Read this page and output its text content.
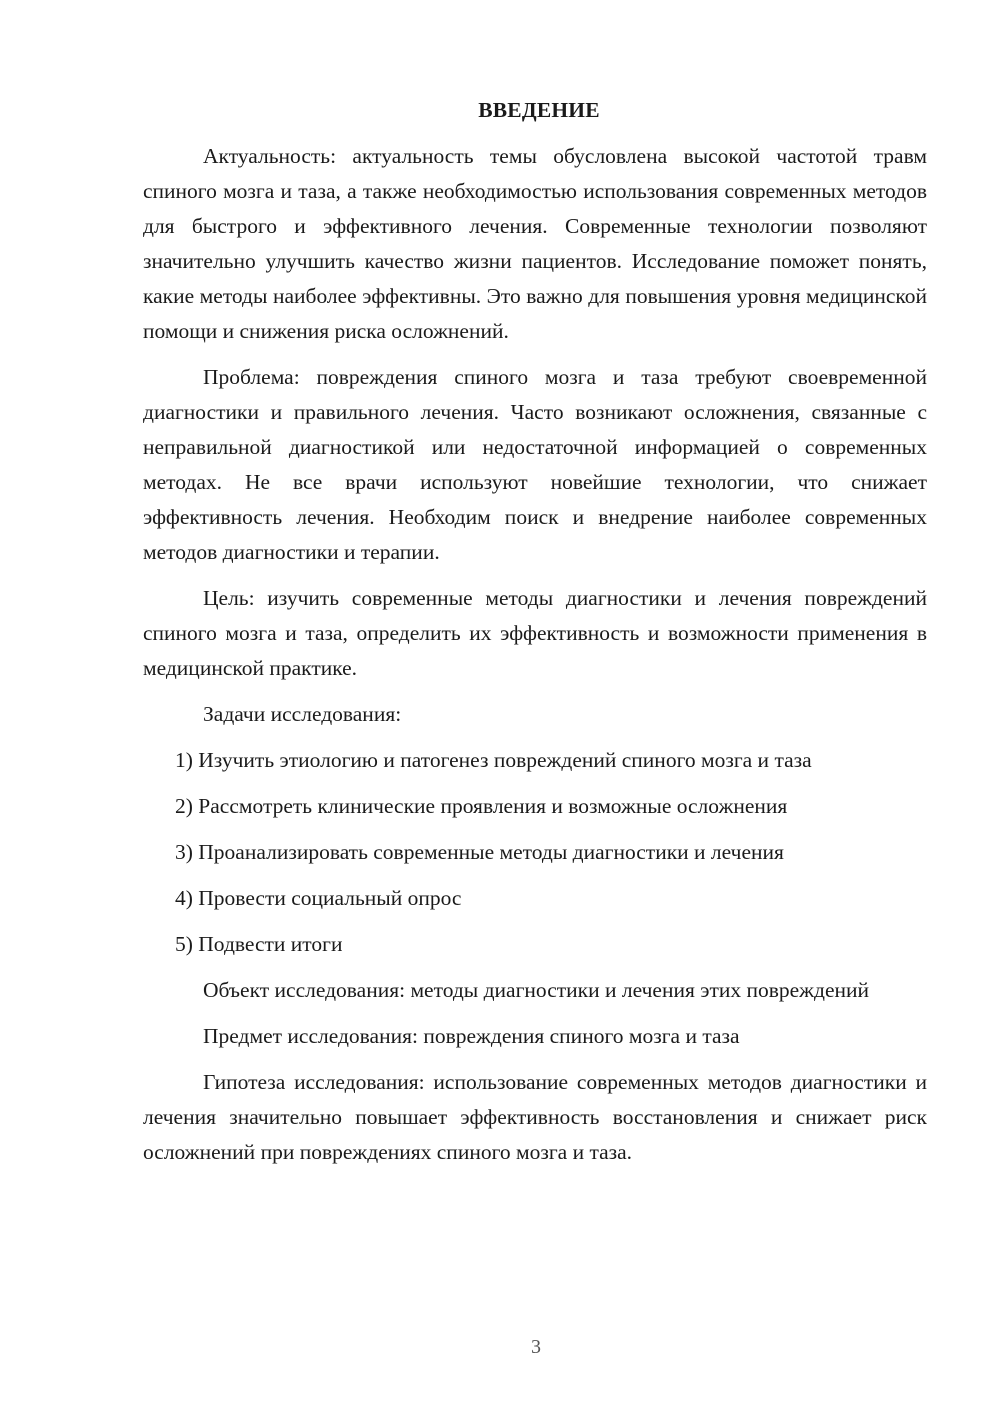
ВВЕДЕНИЕ

Актуальность: актуальность темы обусловлена высокой частотой травм спиного мозга и таза, а также необходимостью использования современных методов для быстрого и эффективного лечения. Современные технологии позволяют значительно улучшить качество жизни пациентов. Исследование поможет понять, какие методы наиболее эффективны. Это важно для повышения уровня медицинской помощи и снижения риска осложнений.

Проблема: повреждения спиного мозга и таза требуют своевременной диагностики и правильного лечения. Часто возникают осложнения, связанные с неправильной диагностикой или недостаточной информацией о современных методах. Не все врачи используют новейшие технологии, что снижает эффективность лечения. Необходим поиск и внедрение наиболее современных методов диагностики и терапии.

Цель: изучить современные методы диагностики и лечения повреждений спиного мозга и таза, определить их эффективность и возможности применения в медицинской практике.

Задачи исследования:

1) Изучить этиологию и патогенез повреждений спиного мозга и таза
2) Рассмотреть клинические проявления и возможные осложнения
3) Проанализировать современные методы диагностики и лечения
4) Провести социальный опрос
5) Подвести итоги

Объект исследования: методы диагностики и лечения этих повреждений

Предмет исследования: повреждения спиного мозга и таза

Гипотеза исследования: использование современных методов диагностики и лечения значительно повышает эффективность восстановления и снижает риск осложнений при повреждениях спиного мозга и таза.

3
